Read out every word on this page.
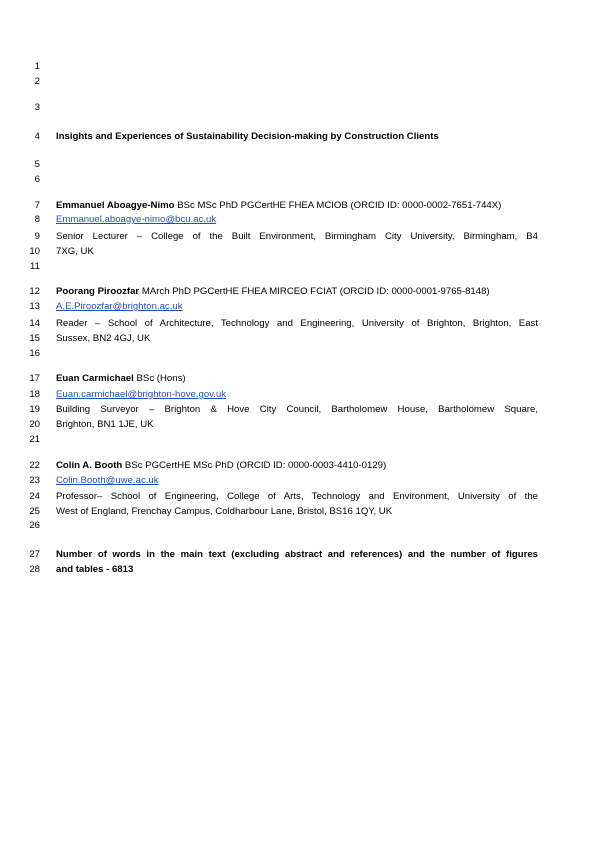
1
2
3
4 Insights and Experiences of Sustainability Decision-making by Construction Clients
5
6
7 Emmanuel Aboagye-Nimo BSc MSc PhD PGCertHE FHEA MCIOB (ORCID ID: 0000-0002-7651-744X)
8 Emmanuel.aboagye-nimo@bcu.ac.uk
9 Senior Lecturer – College of the Built Environment, Birmingham City University, Birmingham, B4
10 7XG, UK
11
12 Poorang Piroozfar MArch PhD PGCertHE FHEA MIRCEO FCIAT (ORCID ID: 0000-0001-9765-8148)
13 A.E.Piroozfar@brighton.ac.uk
14 Reader – School of Architecture, Technology and Engineering, University of Brighton, Brighton, East
15 Sussex, BN2 4GJ, UK
16
17 Euan Carmichael BSc (Hons)
18 Euan.carmichael@brighton-hove.gov.uk
19 Building Surveyor – Brighton & Hove City Council, Bartholomew House, Bartholomew Square,
20 Brighton, BN1 1JE, UK
21
22 Colin A. Booth BSc PGCertHE MSc PhD (ORCID ID: 0000-0003-4410-0129)
23 Colin.Booth@uwe.ac.uk
24 Professor– School of Engineering, College of Arts, Technology and Environment, University of the
25 West of England, Frenchay Campus, Coldharbour Lane, Bristol, BS16 1QY, UK
26
27 Number of words in the main text (excluding abstract and references) and the number of figures
28 and tables - 6813
